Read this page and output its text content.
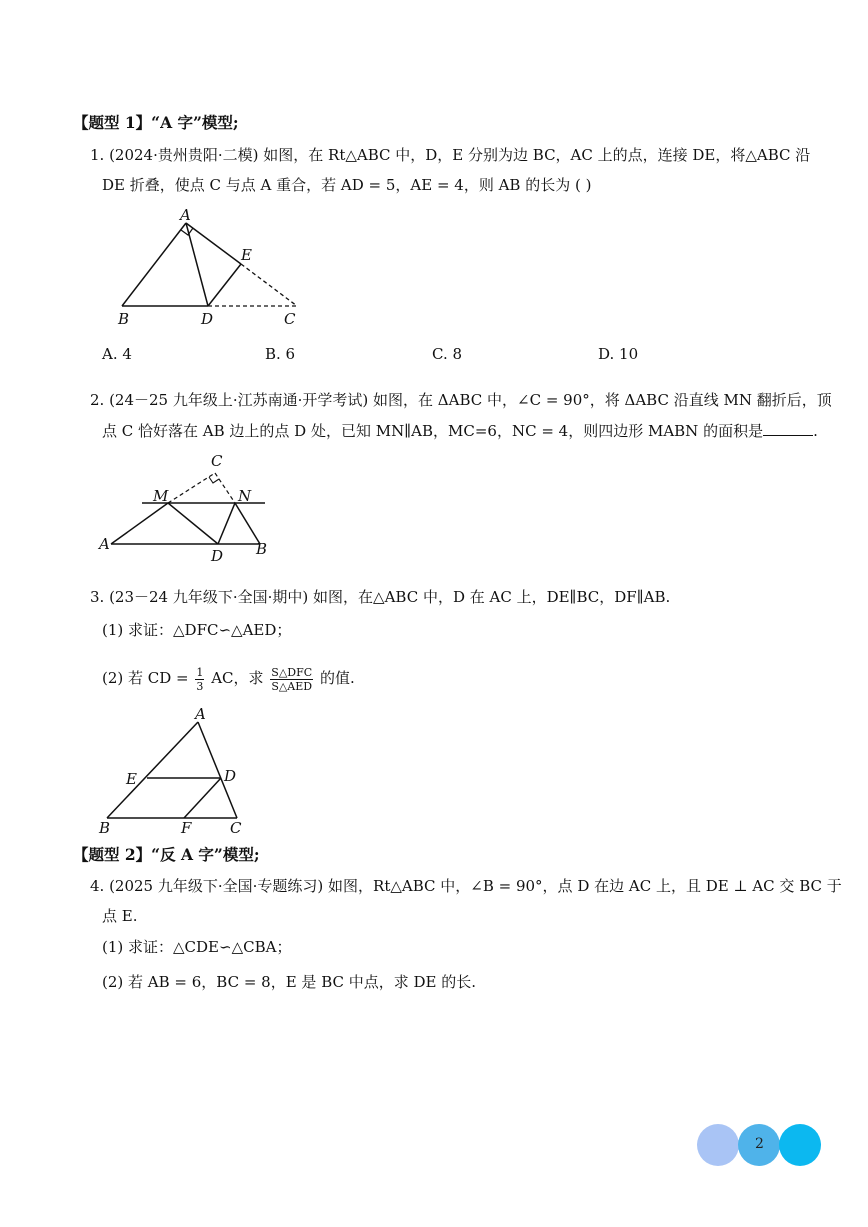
【题型 1】“A 字”模型;
1. (2024·贵州贵阳·二模) 如图，在 Rt△ABC 中，D，E 分别为边 BC，AC 上的点，连接 DE，将△ABC 沿
DE 折叠，使点 C 与点 A 重合，若 AD = 5，AE = 4，则 AB 的长为 ( )
A
B	D	C
E
A. 4	B. 6	C. 8	D. 10
2. (24－25 九年级上·江苏南通·开学考试) 如图，在 ΔABC 中，∠C = 90°，将 ΔABC 沿直线 MN 翻折后，顶
点 C 恰好落在 AB 边上的点 D 处，已知 MN∥AB，MC=6，NC = 4，则四边形 MABN 的面积是	.
C
M	N
A
D B
3. (23－24 九年级下·全国·期中) 如图，在△ABC 中，D 在 AC 上，DE∥BC，DF∥AB.
(1) 求证：△DFC∽△AED；
(2) 若 CD = $\frac{1}{3}$ AC，求 $\frac{\text{S△DFC}}{\text{S△AED}}$ 的值.
A
E	D
B	F	C
【题型 2】“反 A 字”模型;
4. (2025 九年级下·全国·专题练习) 如图，Rt△ABC 中，∠B = 90°，点 D 在边 AC 上，且 DE ⊥ AC 交 BC 于
点 E.
(1) 求证：△CDE∽△CBA；
(2) 若 AB = 6，BC = 8，E 是 BC 中点，求 DE 的长.
2
